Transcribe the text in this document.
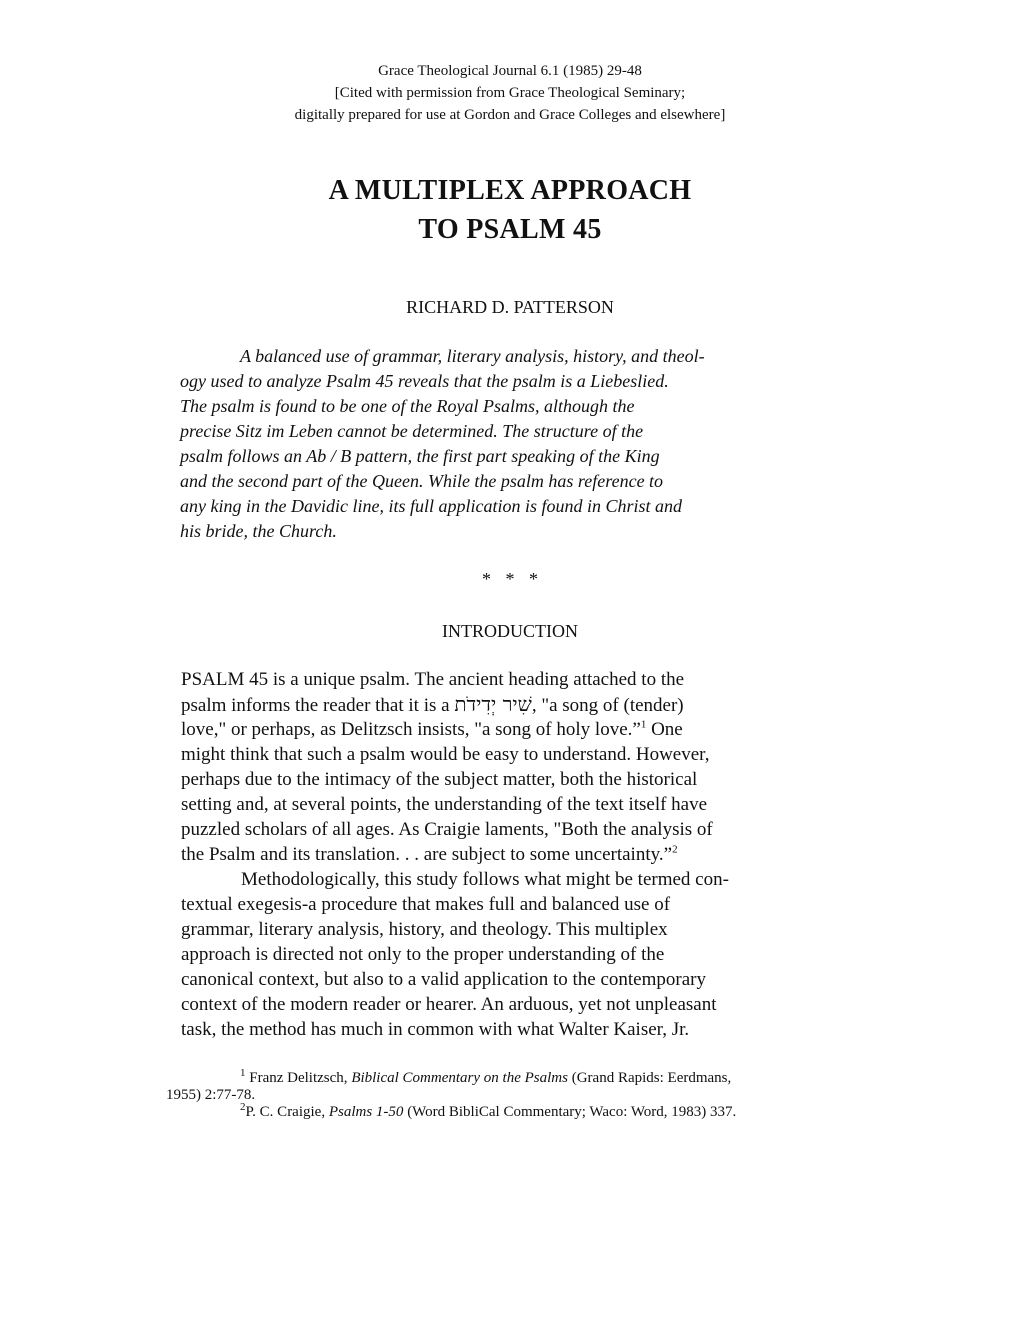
Grace Theological Journal 6.1 (1985) 29-48
[Cited with permission from Grace Theological Seminary;
digitally prepared for use at Gordon and Grace Colleges and elsewhere]
A MULTIPLEX APPROACH
TO PSALM 45
RICHARD D. PATTERSON
A balanced use of grammar, literary analysis, history, and theol-
ogy used to analyze Psalm 45 reveals that the psalm is a Liebeslied.
The psalm is found to be one of the Royal Psalms, although the
precise Sitz im Leben cannot be determined. The structure of the
psalm follows an Ab / B pattern, the first part speaking of the King
and the second part of the Queen. While the psalm has reference to
any king in the Davidic line, its full application is found in Christ and
his bride, the Church.
* * *
INTRODUCTION
PSALM 45 is a unique psalm. The ancient heading attached to the
psalm informs the reader that it is a שִׁיר יְדִידֹת, "a song of (tender)
love," or perhaps, as Delitzsch insists, "a song of holy love.”$^1$ One
might think that such a psalm would be easy to understand. However,
perhaps due to the intimacy of the subject matter, both the historical
setting and, at several points, the understanding of the text itself have
puzzled scholars of all ages. As Craigie laments, "Both the analysis of
the Psalm and its translation. . . are subject to some uncertainty.”$^2$
Methodologically, this study follows what might be termed con-
textual exegesis-a procedure that makes full and balanced use of
grammar, literary analysis, history, and theology. This multiplex
approach is directed not only to the proper understanding of the
canonical context, but also to a valid application to the contemporary
context of the modern reader or hearer. An arduous, yet not unpleasant
task, the method has much in common with what Walter Kaiser, Jr.
$^1$ Franz Delitzsch, Biblical Commentary on the Psalms (Grand Rapids: Eerdmans,
1955) 2:77-78.
$^2$P. C. Craigie, Psalms 1-50 (Word BibliCal Commentary; Waco: Word, 1983) 337.
